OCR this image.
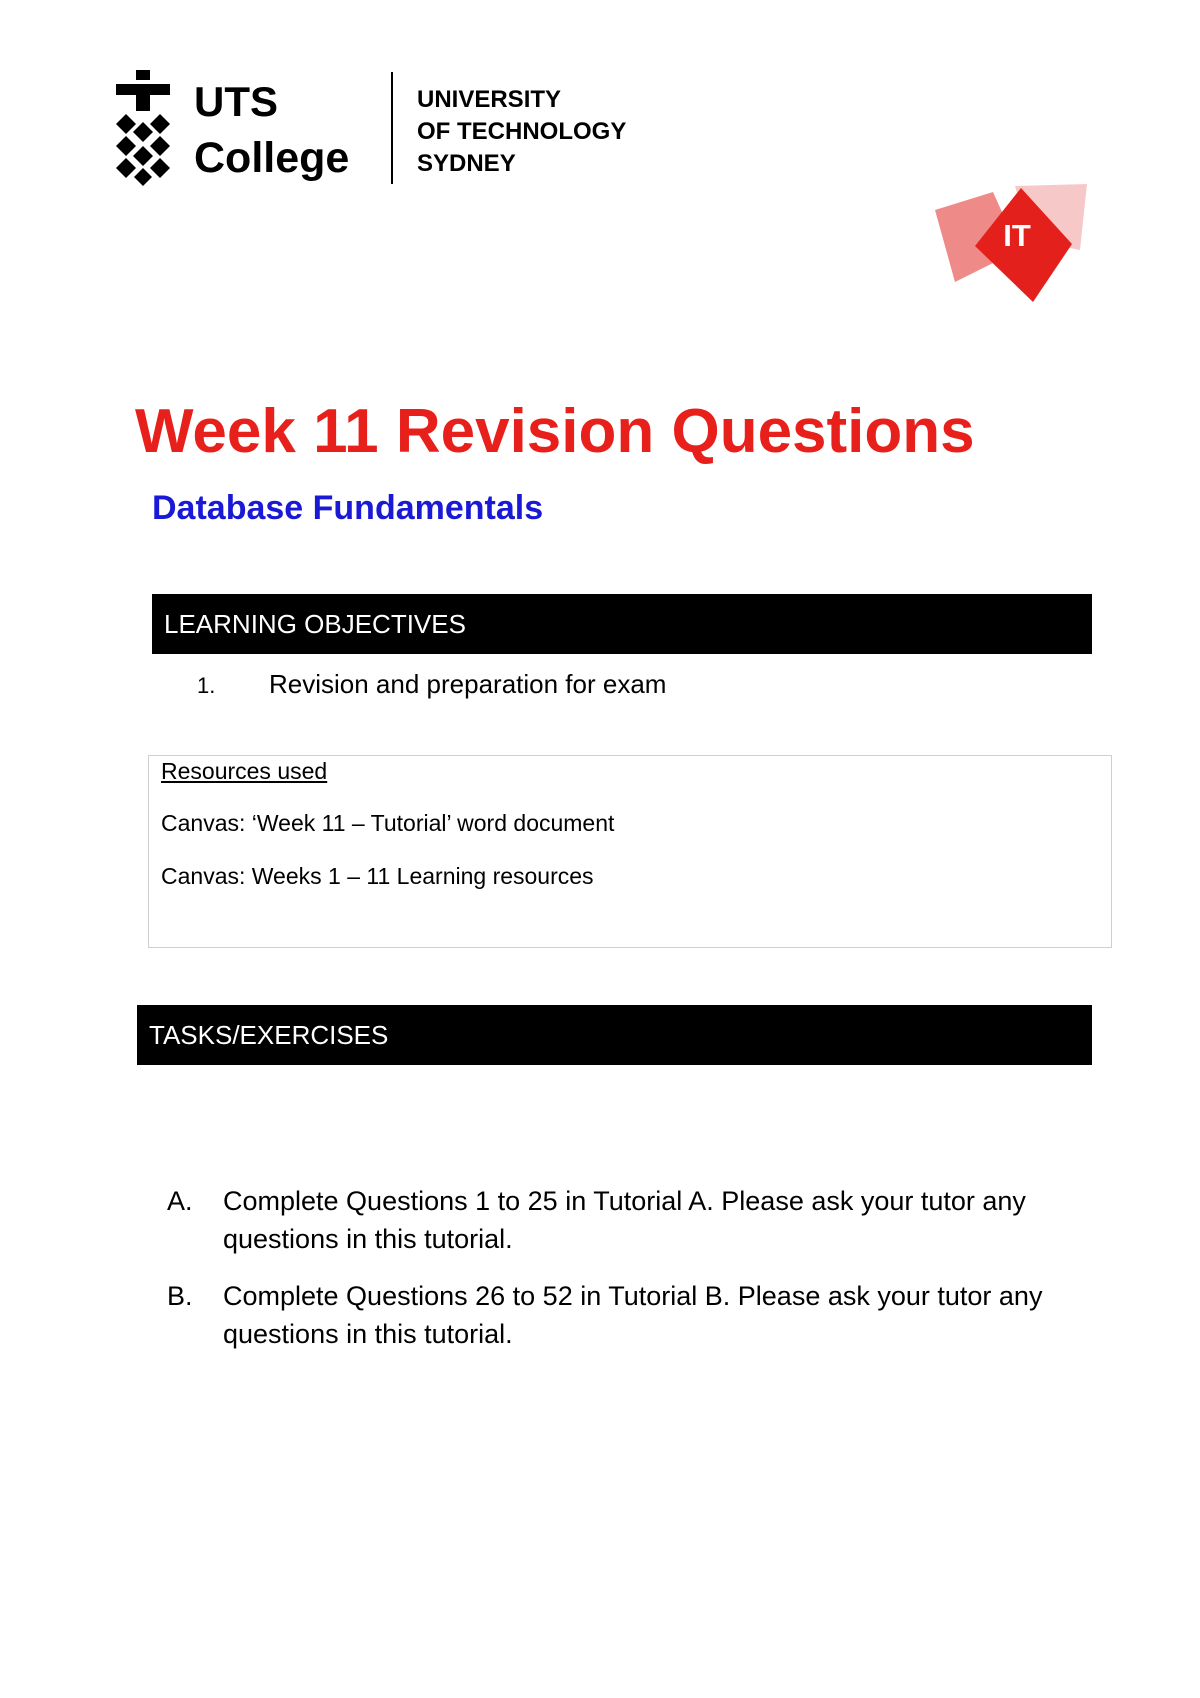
UTS
College
UNIVERSITY
OF TECHNOLOGY
SYDNEY
IT
Week 11 Revision Questions
Database Fundamentals
LEARNING OBJECTIVES
1. Revision and preparation for exam
Resources used
Canvas: ‘Week 11 – Tutorial’ word document
Canvas: Weeks 1 – 11 Learning resources
TASKS/EXERCISES
A. Complete Questions 1 to 25 in Tutorial A. Please ask your tutor any questions in this tutorial.
B. Complete Questions 26 to 52 in Tutorial B. Please ask your tutor any questions in this tutorial.
